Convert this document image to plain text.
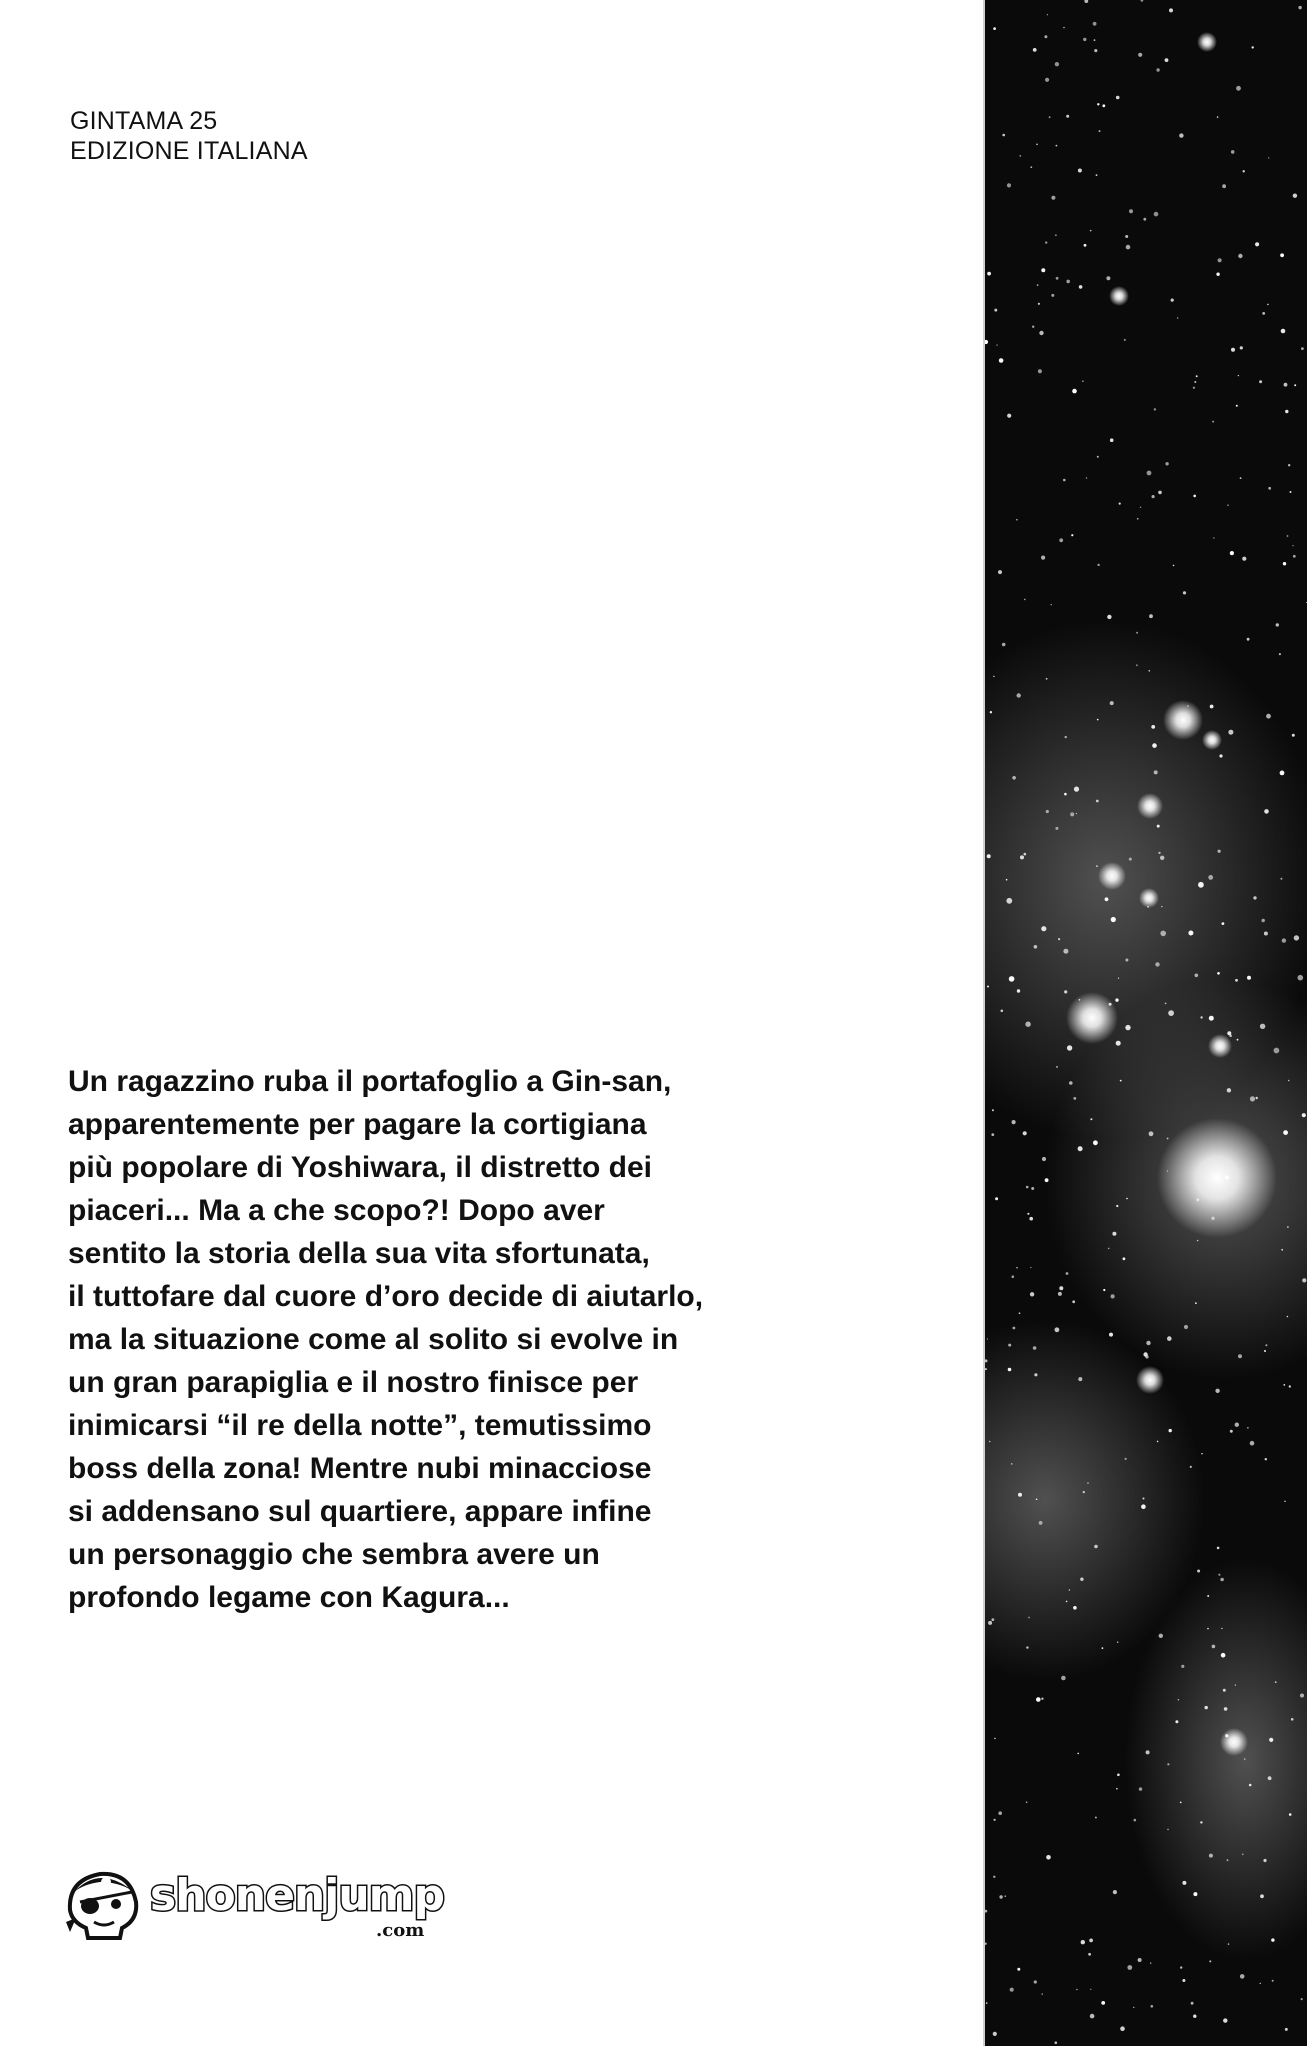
GINTAMA 25
EDIZIONE ITALIANA
Un ragazzino ruba il portafoglio a Gin-san,
apparentemente per pagare la cortigiana
più popolare di Yoshiwara, il distretto dei
piaceri... Ma a che scopo?! Dopo aver
sentito la storia della sua vita sfortunata,
il tuttofare dal cuore d’oro decide di aiutarlo,
ma la situazione come al solito si evolve in
un gran parapiglia e il nostro finisce per
inimicarsi “il re della notte”, temutissimo
boss della zona! Mentre nubi minacciose
si addensano sul quartiere, appare infine
un personaggio che sembra avere un
profondo legame con Kagura...
shonenjump
.com
